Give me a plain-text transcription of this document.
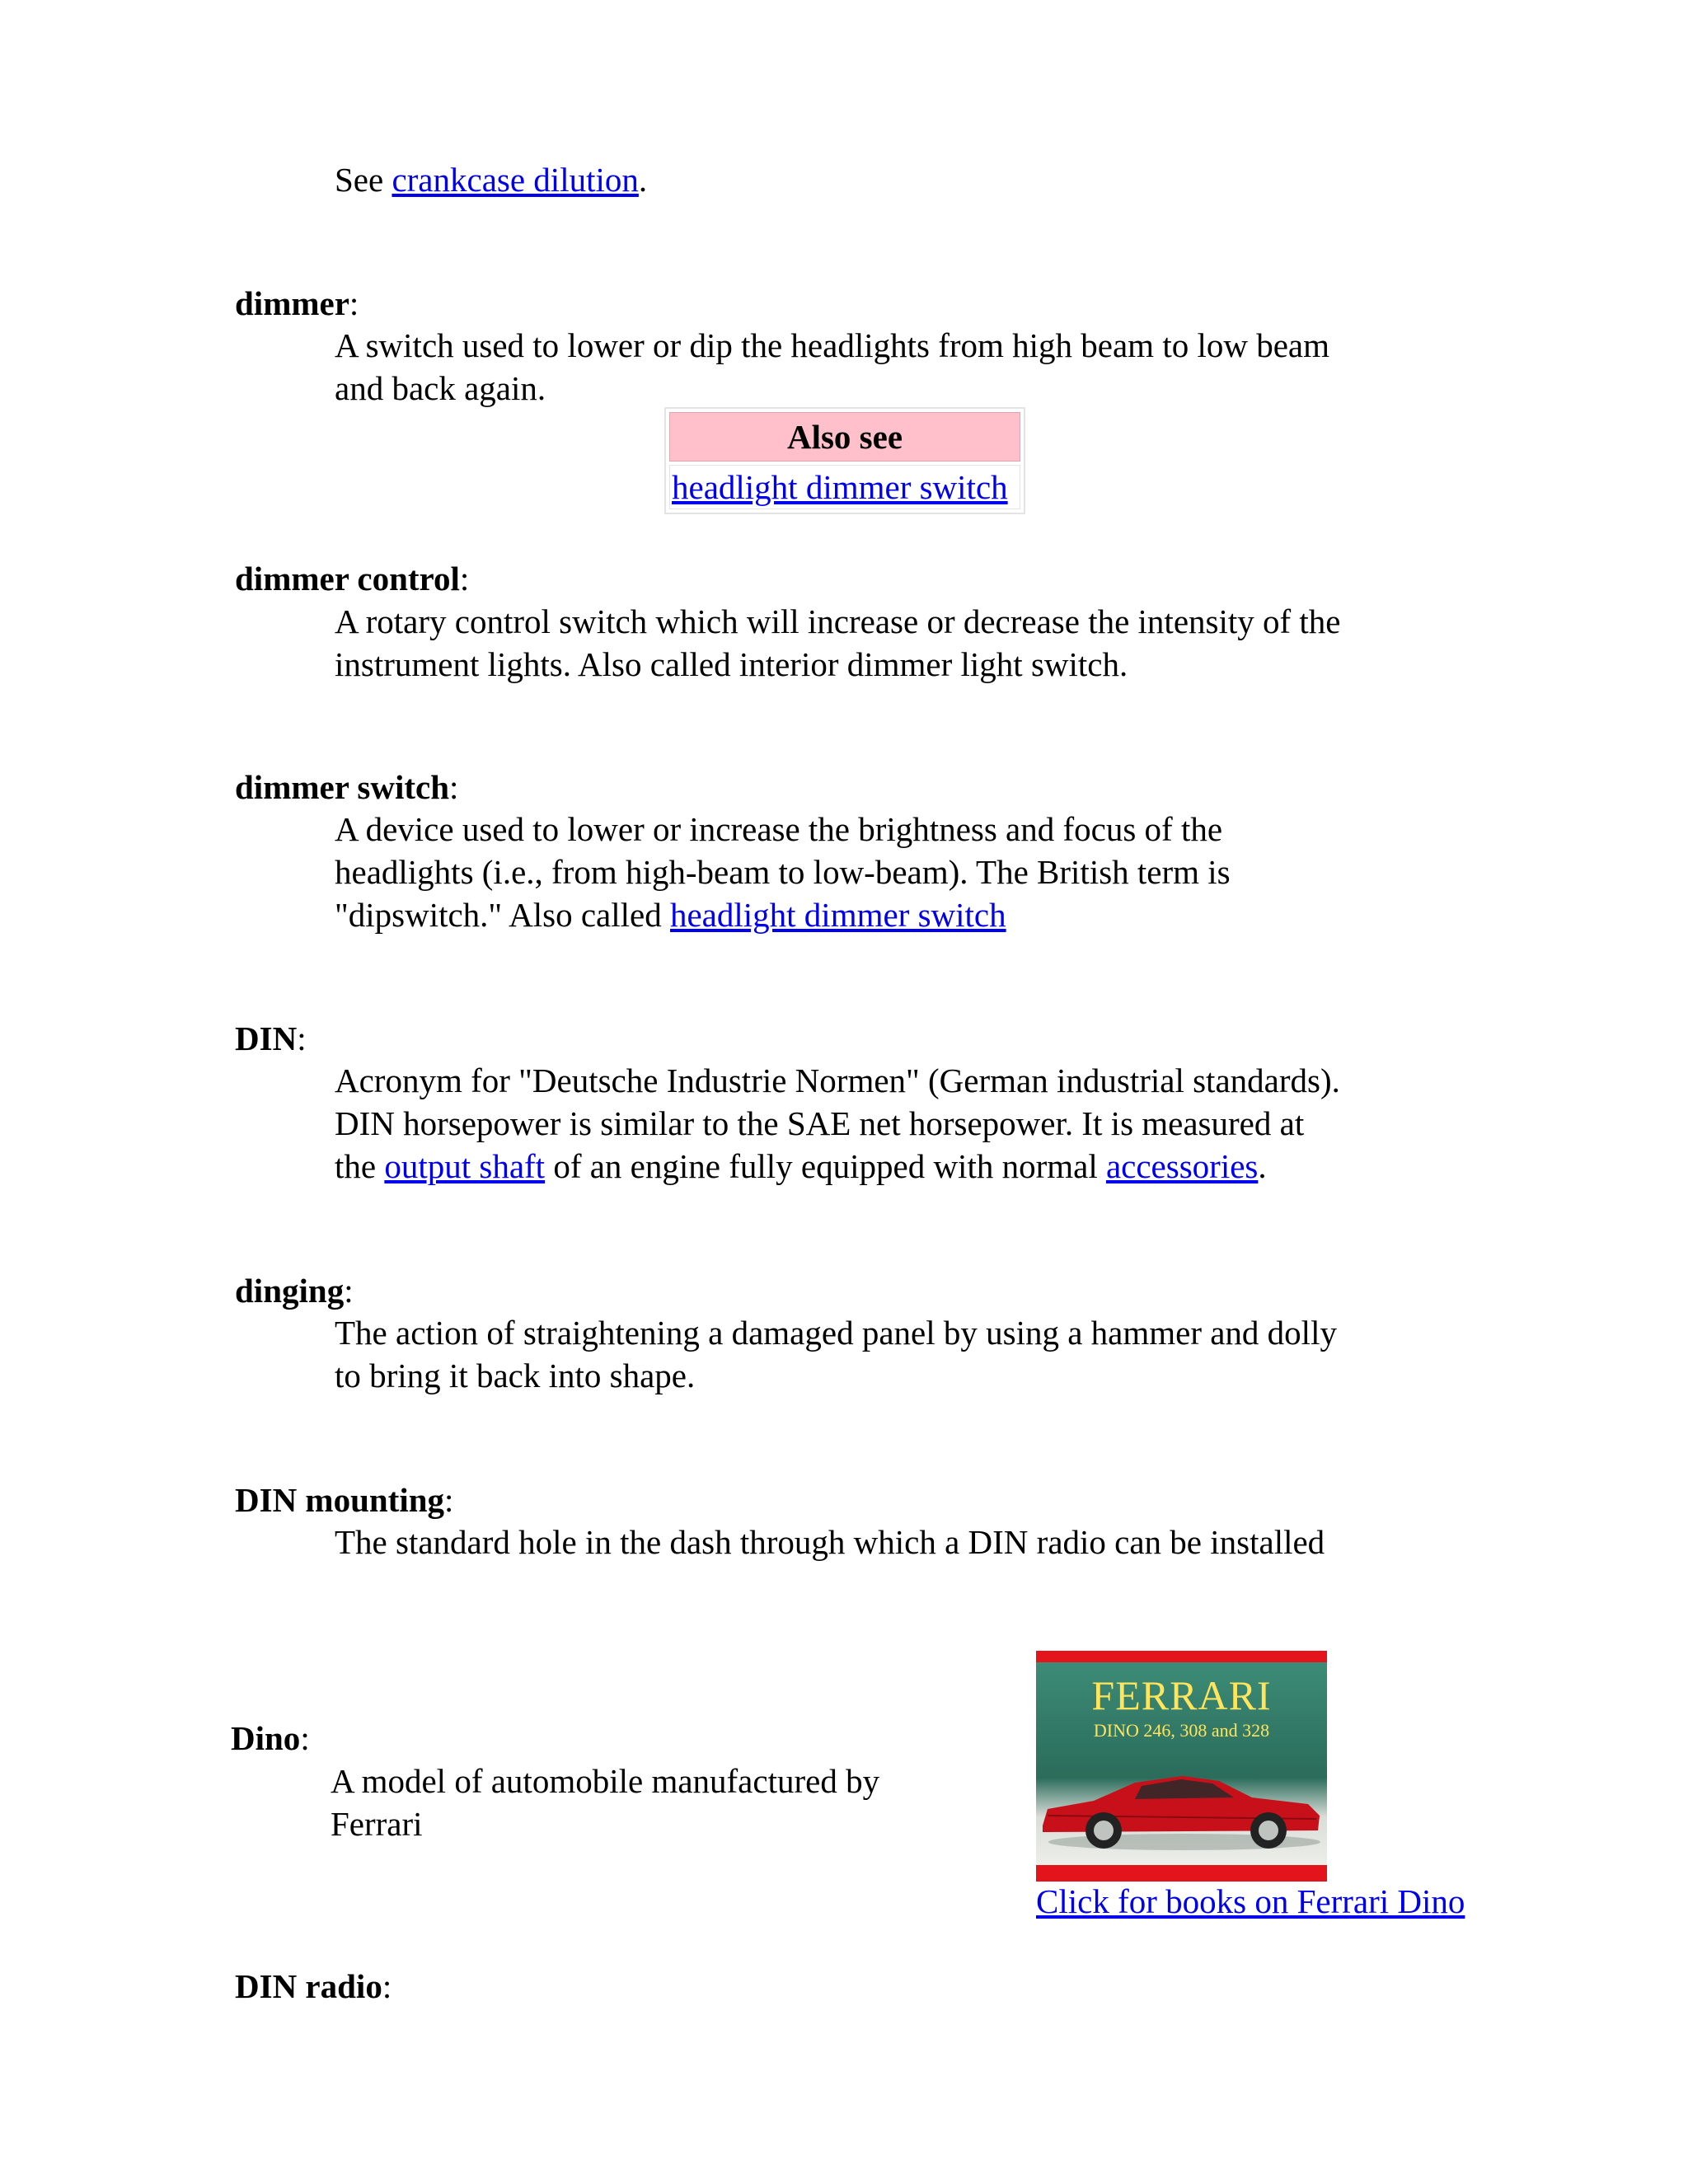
See crankcase dilution.
dimmer:
A switch used to lower or dip the headlights from high beam to low beam
and back again.
Also see
headlight dimmer switch
dimmer control:
A rotary control switch which will increase or decrease the intensity of the
instrument lights. Also called interior dimmer light switch.
dimmer switch:
A device used to lower or increase the brightness and focus of the
headlights (i.e., from high-beam to low-beam). The British term is
"dipswitch." Also called headlight dimmer switch
DIN:
Acronym for "Deutsche Industrie Normen" (German industrial standards).
DIN horsepower is similar to the SAE net horsepower. It is measured at
the output shaft of an engine fully equipped with normal accessories.
dinging:
The action of straightening a damaged panel by using a hammer and dolly
to bring it back into shape.
DIN mounting:
The standard hole in the dash through which a DIN radio can be installed
Dino:
A model of automobile manufactured by
Ferrari
FERRARI
DINO 246, 308 and 328
Click for books on Ferrari Dino
DIN radio:
